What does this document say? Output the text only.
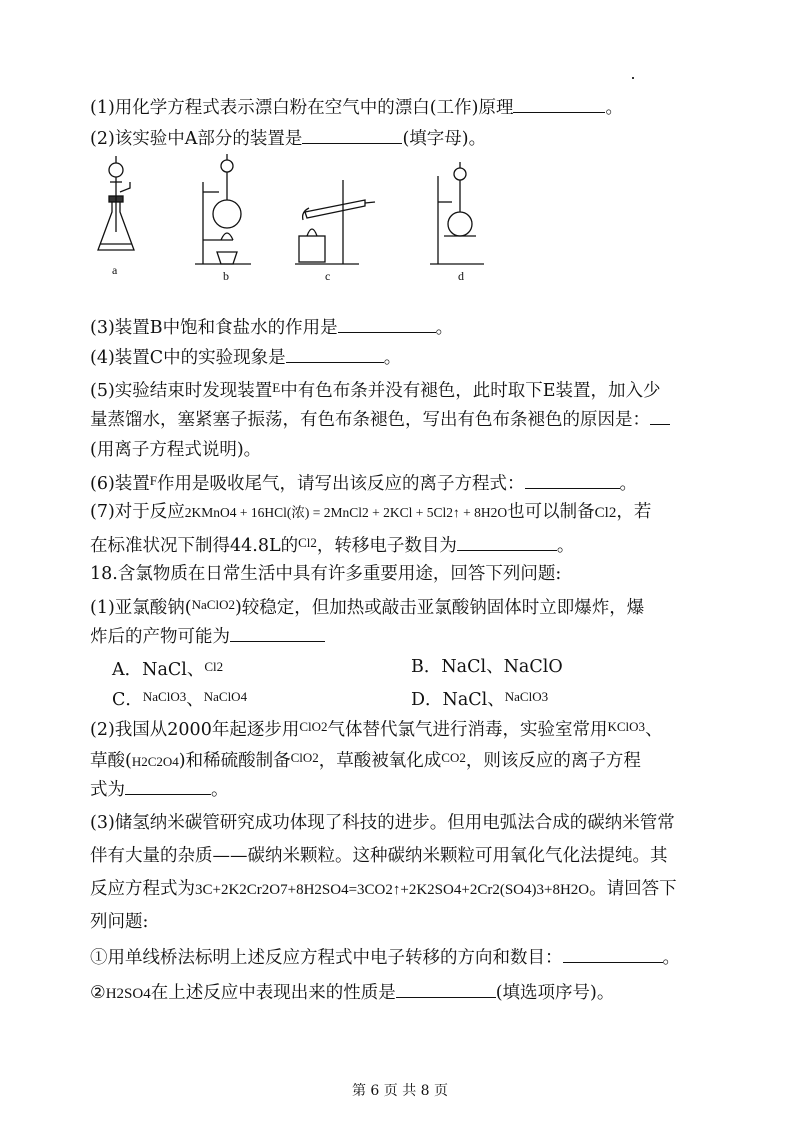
(1)用化学方程式表示漂白粉在空气中的漂白(工作)原理	。
(2)该实验中A部分的装置是	(填字母)。
a	b	c	d
(3)装置B中饱和食盐水的作用是	。
(4)装置C中的实验现象是	。
(5)实验结束时发现装置$^E$中有色布条并没有褪色，此时取下E装置，加入少
量蒸馏水，塞紧塞子振荡，有色布条褪色，写出有色布条褪色的原因是：
(用离子方程式说明)。
(6)装置$^F$作用是吸收尾气，请写出该反应的离子方程式：	。
(7)对于反应2KMnO4 + 16HCl(浓) = 2MnCl2 + 2KCl + 5Cl2↑ + 8H2O也可以制备Cl2，若
在标准状况下制得44.8L的$^{Cl2}$，转移电子数目为	。
18.含氯物质在日常生活中具有许多重要用途，回答下列问题:
(1)亚氯酸钠($^{NaClO2}$)较稳定，但加热或敲击亚氯酸钠固体时立即爆炸，爆
炸后的产物可能为
A．NaCl、$^{Cl2}$	B．NaCl、NaClO
C．$^{NaClO3}$、$^{NaClO4}$	D．NaCl、$^{NaClO3}$
(2)我国从2000年起逐步用$^{ClO2}$气体替代氯气进行消毒，实验室常用$^{KClO3}$、
草酸(H2C2O4)和稀硫酸制备$^{ClO2}$，草酸被氧化成$^{CO2}$，则该反应的离子方程
式为	。
(3)储氢纳米碳管研究成功体现了科技的进步。但用电弧法合成的碳纳米管常
伴有大量的杂质——碳纳米颗粒。这种碳纳米颗粒可用氧化气化法提纯。其
反应方程式为3C+2K2Cr2O7+8H2SO4=3CO2↑+2K2SO4+2Cr2(SO4)3+8H2O。请回答下
列问题:
①用单线桥法标明上述反应方程式中电子转移的方向和数目：	。
②H2SO4在上述反应中表现出来的性质是	(填选项序号)。
第 6 页 共 8 页
